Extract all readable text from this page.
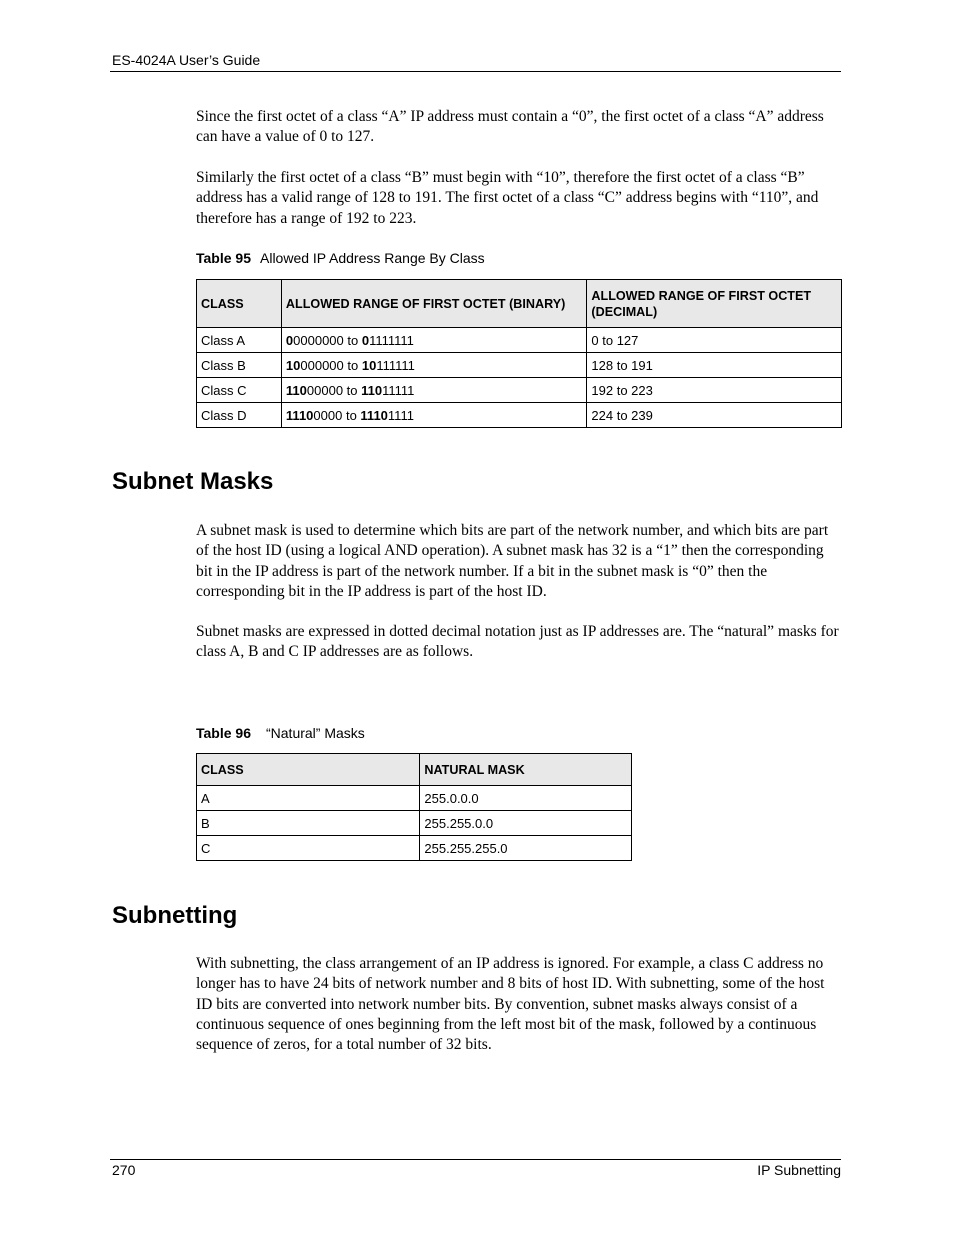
ES-4024A User’s Guide

Since the first octet of a class “A” IP address must contain a “0”, the first octet of a class “A” address can have a value of 0 to 127.

Similarly the first octet of a class “B” must begin with “10”, therefore the first octet of a class “B” address has a valid range of 128 to 191. The first octet of a class “C” address begins with “110”, and therefore has a range of 192 to 223.

Table 95 Allowed IP Address Range By Class
CLASS	ALLOWED RANGE OF FIRST OCTET (BINARY)	ALLOWED RANGE OF FIRST OCTET (DECIMAL)
Class A	00000000 to 01111111	0 to 127
Class B	10000000 to 10111111	128 to 191
Class C	11000000 to 11011111	192 to 223
Class D	11100000 to 11101111	224 to 239
Subnet Masks

A subnet mask is used to determine which bits are part of the network number, and which bits are part of the host ID (using a logical AND operation). A subnet mask has 32 is a “1” then the corresponding bit in the IP address is part of the network number. If a bit in the subnet mask is “0” then the corresponding bit in the IP address is part of the host ID.

Subnet masks are expressed in dotted decimal notation just as IP addresses are. The “natural” masks for class A, B and C IP addresses are as follows.

Table 96 “Natural” Masks
CLASS	NATURAL MASK
A	255.0.0.0
B	255.255.0.0
C	255.255.255.0
Subnetting

With subnetting, the class arrangement of an IP address is ignored. For example, a class C address no longer has to have 24 bits of network number and 8 bits of host ID. With subnetting, some of the host ID bits are converted into network number bits. By convention, subnet masks always consist of a continuous sequence of ones beginning from the left most bit of the mask, followed by a continuous sequence of zeros, for a total number of 32 bits.

270	IP Subnetting
